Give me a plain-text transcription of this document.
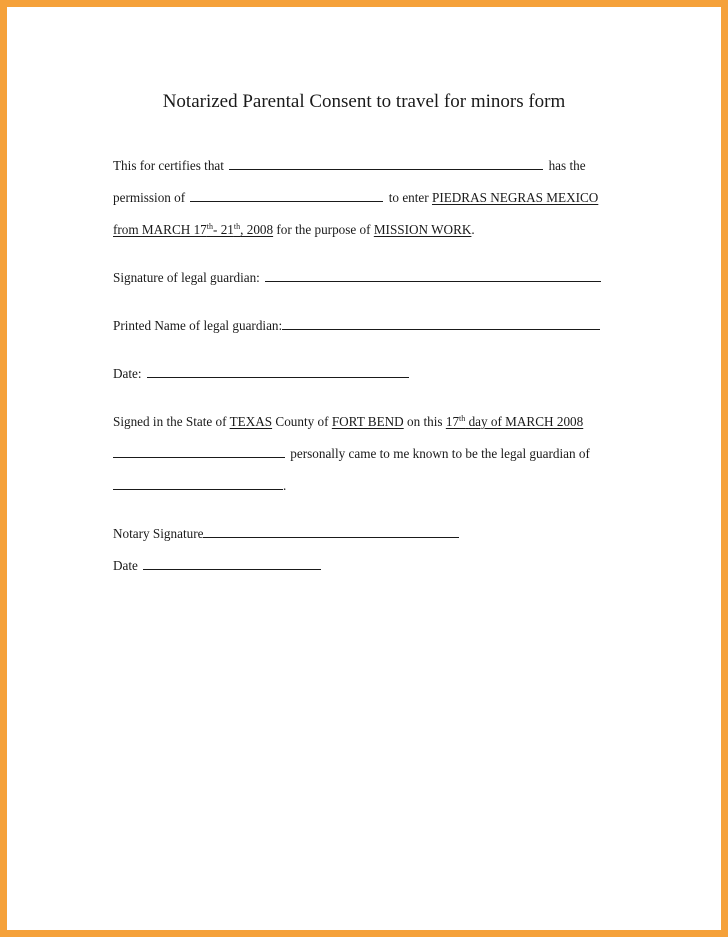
Notarized Parental Consent to travel for minors form
This for certifies that	has the
permission of	to enter PIEDRAS NEGRAS MEXICO
from MARCH 17th- 21th, 2008 for the purpose of MISSION WORK.
Signature of legal guardian:
Printed Name of legal guardian:
Date:
Signed in the State of TEXAS County of FORT BEND on this 17th day of MARCH 2008
personally came to me known to be the legal guardian of
.
Notary Signature
Date
